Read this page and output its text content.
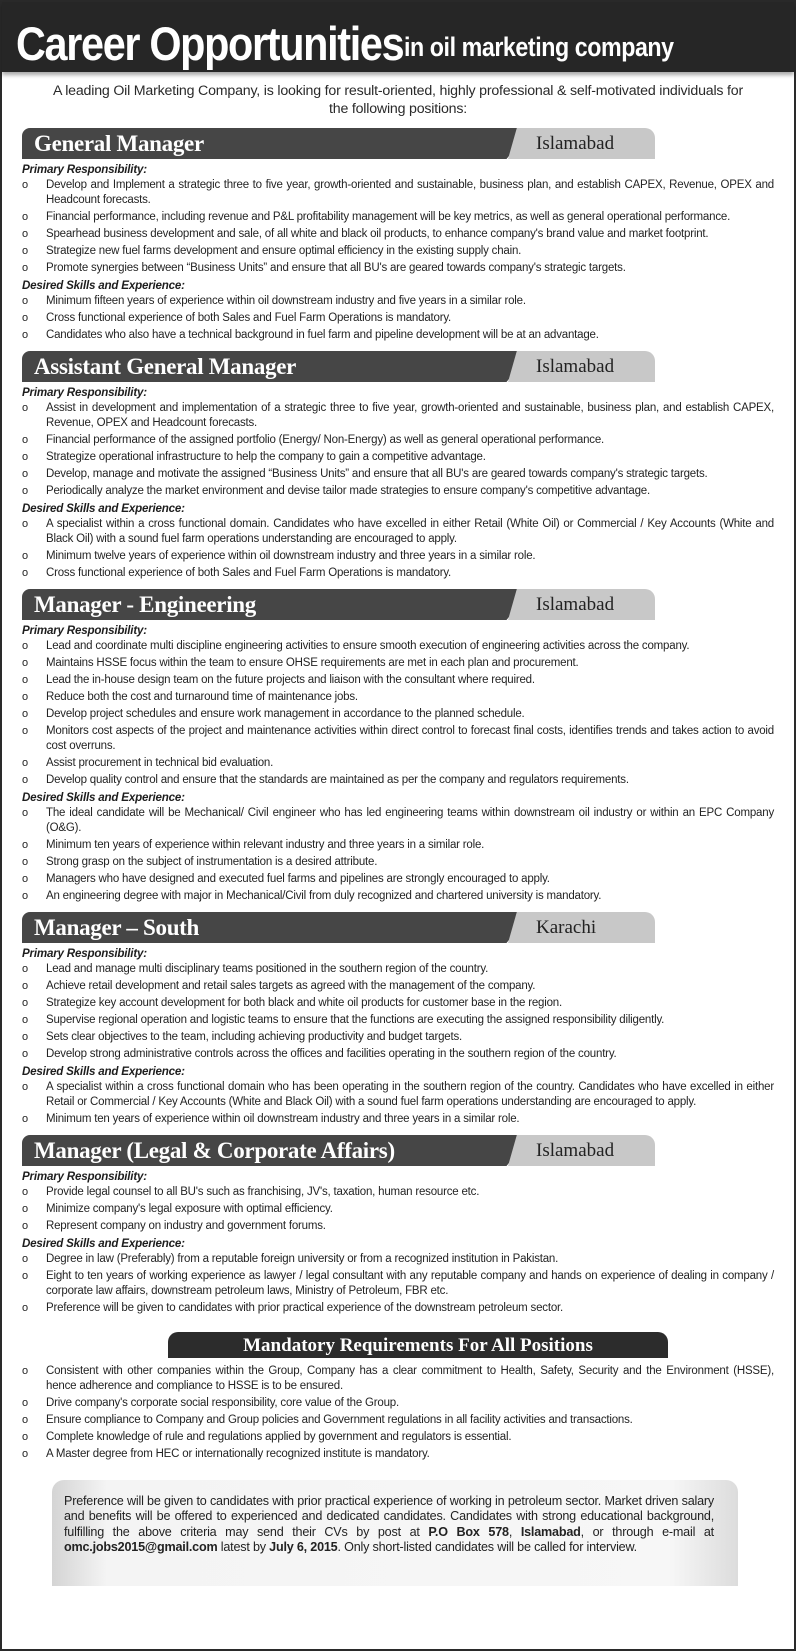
Career Opportunities in oil marketing company
A leading Oil Marketing Company, is looking for result-oriented, highly professional & self-motivated individuals for the following positions:
General Manager	Islamabad
Primary Responsibility:
o Develop and Implement a strategic three to five year, growth-oriented and sustainable, business plan, and establish CAPEX, Revenue, OPEX and Headcount forecasts.
o Financial performance, including revenue and P&L profitability management will be key metrics, as well as general operational performance.
o Spearhead business development and sale, of all white and black oil products, to enhance company's brand value and market footprint.
o Strategize new fuel farms development and ensure optimal efficiency in the existing supply chain.
o Promote synergies between “Business Units” and ensure that all BU's are geared towards company's strategic targets.
Desired Skills and Experience:
o Minimum fifteen years of experience within oil downstream industry and five years in a similar role.
o Cross functional experience of both Sales and Fuel Farm Operations is mandatory.
o Candidates who also have a technical background in fuel farm and pipeline development will be at an advantage.
Assistant General Manager	Islamabad
Primary Responsibility:
o Assist in development and implementation of a strategic three to five year, growth-oriented and sustainable, business plan, and establish CAPEX, Revenue, OPEX and Headcount forecasts.
o Financial performance of the assigned portfolio (Energy/ Non-Energy) as well as general operational performance.
o Strategize operational infrastructure to help the company to gain a competitive advantage.
o Develop, manage and motivate the assigned “Business Units” and ensure that all BU's are geared towards company's strategic targets.
o Periodically analyze the market environment and devise tailor made strategies to ensure company's competitive advantage.
Desired Skills and Experience:
o A specialist within a cross functional domain. Candidates who have excelled in either Retail (White Oil) or Commercial / Key Accounts (White and Black Oil) with a sound fuel farm operations understanding are encouraged to apply.
o Minimum twelve years of experience within oil downstream industry and three years in a similar role.
o Cross functional experience of both Sales and Fuel Farm Operations is mandatory.
Manager - Engineering	Islamabad
Primary Responsibility:
o Lead and coordinate multi discipline engineering activities to ensure smooth execution of engineering activities across the company.
o Maintains HSSE focus within the team to ensure OHSE requirements are met in each plan and procurement.
o Lead the in-house design team on the future projects and liaison with the consultant where required.
o Reduce both the cost and turnaround time of maintenance jobs.
o Develop project schedules and ensure work management in accordance to the planned schedule.
o Monitors cost aspects of the project and maintenance activities within direct control to forecast final costs, identifies trends and takes action to avoid cost overruns.
o Assist procurement in technical bid evaluation.
o Develop quality control and ensure that the standards are maintained as per the company and regulators requirements.
Desired Skills and Experience:
o The ideal candidate will be Mechanical/ Civil engineer who has led engineering teams within downstream oil industry or within an EPC Company (O&G).
o Minimum ten years of experience within relevant industry and three years in a similar role.
o Strong grasp on the subject of instrumentation is a desired attribute.
o Managers who have designed and executed fuel farms and pipelines are strongly encouraged to apply.
o An engineering degree with major in Mechanical/Civil from duly recognized and chartered university is mandatory.
Manager – South	Karachi
Primary Responsibility:
o Lead and manage multi disciplinary teams positioned in the southern region of the country.
o Achieve retail development and retail sales targets as agreed with the management of the company.
o Strategize key account development for both black and white oil products for customer base in the region.
o Supervise regional operation and logistic teams to ensure that the functions are executing the assigned responsibility diligently.
o Sets clear objectives to the team, including achieving productivity and budget targets.
o Develop strong administrative controls across the offices and facilities operating in the southern region of the country.
Desired Skills and Experience:
o A specialist within a cross functional domain who has been operating in the southern region of the country. Candidates who have excelled in either Retail or Commercial / Key Accounts (White and Black Oil) with a sound fuel farm operations understanding are encouraged to apply.
o Minimum ten years of experience within oil downstream industry and three years in a similar role.
Manager (Legal & Corporate Affairs)	Islamabad
Primary Responsibility:
o Provide legal counsel to all BU's such as franchising, JV's, taxation, human resource etc.
o Minimize company's legal exposure with optimal efficiency.
o Represent company on industry and government forums.
Desired Skills and Experience:
o Degree in law (Preferably) from a reputable foreign university or from a recognized institution in Pakistan.
o Eight to ten years of working experience as lawyer / legal consultant with any reputable company and hands on experience of dealing in company / corporate law affairs, downstream petroleum laws, Ministry of Petroleum, FBR etc.
o Preference will be given to candidates with prior practical experience of the downstream petroleum sector.
Mandatory Requirements For All Positions
o Consistent with other companies within the Group, Company has a clear commitment to Health, Safety, Security and the Environment (HSSE), hence adherence and compliance to HSSE is to be ensured.
o Drive company's corporate social responsibility, core value of the Group.
o Ensure compliance to Company and Group policies and Government regulations in all facility activities and transactions.
o Complete knowledge of rule and regulations applied by government and regulators is essential.
o A Master degree from HEC or internationally recognized institute is mandatory.
Preference will be given to candidates with prior practical experience of working in petroleum sector. Market driven salary and benefits will be offered to experienced and dedicated candidates. Candidates with strong educational background, fulfilling the above criteria may send their CVs by post at P.O Box 578, Islamabad, or through e-mail at omc.jobs2015@gmail.com latest by July 6, 2015. Only short-listed candidates will be called for interview.
